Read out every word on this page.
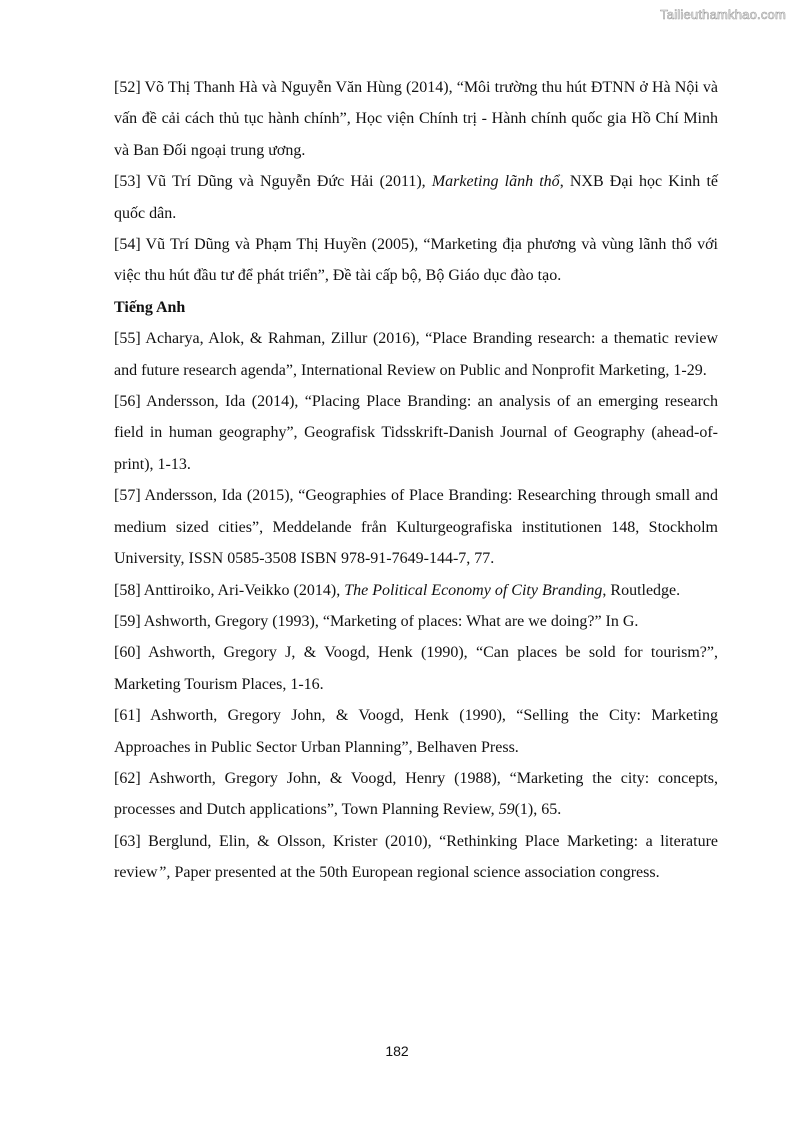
Tailieuthamkhao.com

[52] Võ Thị Thanh Hà và Nguyễn Văn Hùng (2014), “Môi trường thu hút ĐTNN ở Hà Nội và vấn đề cải cách thủ tục hành chính”, Học viện Chính trị - Hành chính quốc gia Hồ Chí Minh và Ban Đối ngoại trung ương.

[53] Vũ Trí Dũng và Nguyễn Đức Hải (2011), Marketing lãnh thổ, NXB Đại học Kinh tế quốc dân.

[54] Vũ Trí Dũng và Phạm Thị Huyền (2005), “Marketing địa phương và vùng lãnh thổ với việc thu hút đầu tư để phát triển”, Đề tài cấp bộ, Bộ Giáo dục đào tạo.

Tiếng Anh

[55] Acharya, Alok, & Rahman, Zillur (2016), “Place Branding research: a thematic review and future research agenda”, International Review on Public and Nonprofit Marketing, 1-29.

[56] Andersson, Ida (2014), “Placing Place Branding: an analysis of an emerging research field in human geography”, Geografisk Tidsskrift-Danish Journal of Geography (ahead-of-print), 1-13.

[57] Andersson, Ida (2015), “Geographies of Place Branding: Researching through small and medium sized cities”, Meddelande från Kulturgeografiska institutionen 148, Stockholm University, ISSN 0585-3508 ISBN 978-91-7649-144-7, 77.

[58] Anttiroiko, Ari-Veikko (2014), The Political Economy of City Branding, Routledge.

[59] Ashworth, Gregory (1993), “Marketing of places: What are we doing?” In G.

[60] Ashworth, Gregory J, & Voogd, Henk (1990), “Can places be sold for tourism?”, Marketing Tourism Places, 1-16.

[61] Ashworth, Gregory John, & Voogd, Henk (1990), “Selling the City: Marketing Approaches in Public Sector Urban Planning”, Belhaven Press.

[62] Ashworth, Gregory John, & Voogd, Henry (1988), “Marketing the city: concepts, processes and Dutch applications”, Town Planning Review, 59(1), 65.

[63] Berglund, Elin, & Olsson, Krister (2010), “Rethinking Place Marketing: a literature review”, Paper presented at the 50th European regional science association congress.

182
